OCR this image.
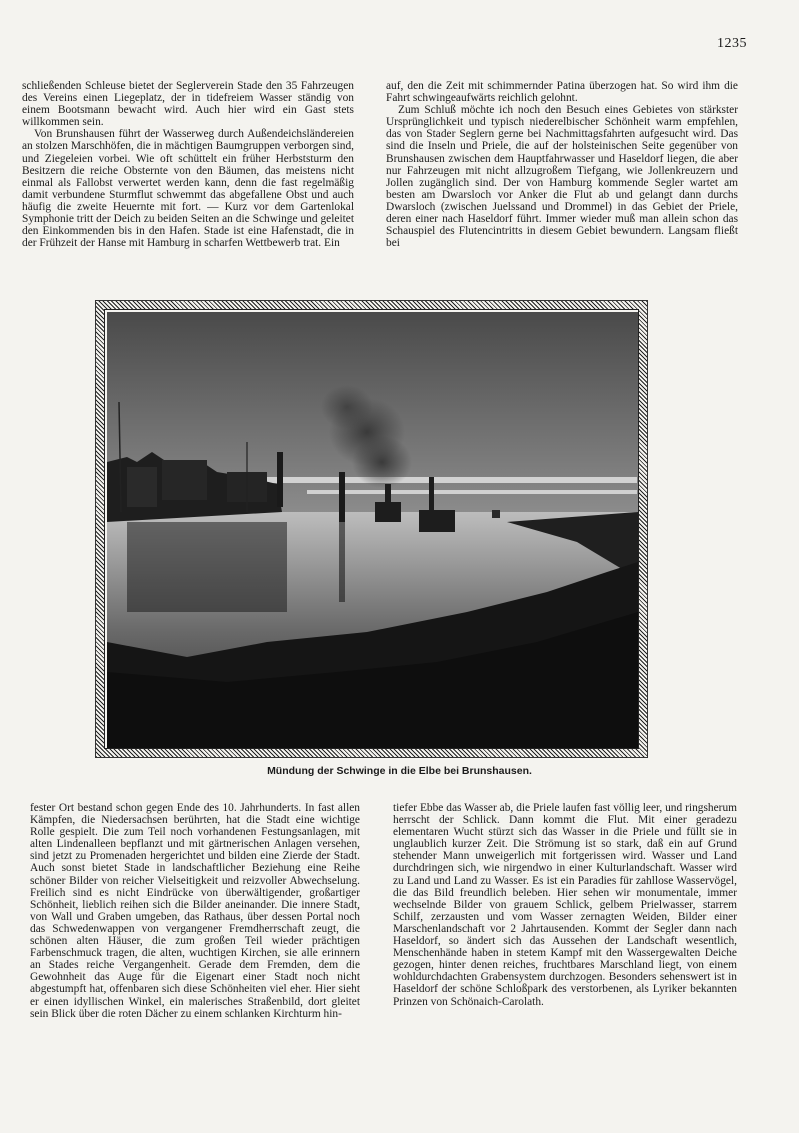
1235

schließenden Schleuse bietet der Seglerverein Stade den 35 Fahrzeugen des Vereins einen Liegeplatz, der in tidefreiem Wasser ständig von einem Bootsmann bewacht wird. Auch hier wird ein Gast stets willkommen sein.

Von Brunshausen führt der Wasserweg durch Außendeichsländereien an stolzen Marschhöfen, die in mächtigen Baumgruppen verborgen sind, und Ziegeleien vorbei. Wie oft schüttelt ein früher Herbststurm den Besitzern die reiche Obsternte von den Bäumen, das meistens nicht einmal als Fallobst verwertet werden kann, denn die fast regelmäßig damit verbundene Sturmflut schwemmt das abgefallene Obst und auch häufig die zweite Heuernte mit fort. — Kurz vor dem Gartenlokal Symphonie tritt der Deich zu beiden Seiten an die Schwinge und geleitet den Einkommenden bis in den Hafen. Stade ist eine Hafenstadt, die in der Frühzeit der Hanse mit Hamburg in scharfen Wettbewerb trat. Ein

auf, den die Zeit mit schimmernder Patina überzogen hat. So wird ihm die Fahrt schwingeaufwärts reichlich gelohnt.

Zum Schluß möchte ich noch den Besuch eines Gebietes von stärkster Ursprünglichkeit und typisch niederelbischer Schönheit warm empfehlen, das von Stader Seglern gerne bei Nachmittagsfahrten aufgesucht wird. Das sind die Inseln und Priele, die auf der holsteinischen Seite gegenüber von Brunshausen zwischen dem Hauptfahrwasser und Haseldorf liegen, die aber nur Fahrzeugen mit nicht allzugroßem Tiefgang, wie Jollenkreuzern und Jollen zugänglich sind. Der von Hamburg kommende Segler wartet am besten am Dwarsloch vor Anker die Flut ab und gelangt dann durchs Dwarsloch (zwischen Juelssand und Drommel) in das Gebiet der Priele, deren einer nach Haseldorf führt. Immer wieder muß man allein schon das Schauspiel des Flutencintritts in diesem Gebiet bewundern. Langsam fließt bei

Mündung der Schwinge in die Elbe bei Brunshausen.

fester Ort bestand schon gegen Ende des 10. Jahrhunderts. In fast allen Kämpfen, die Niedersachsen berührten, hat die Stadt eine wichtige Rolle gespielt. Die zum Teil noch vorhandenen Festungsanlagen, mit alten Lindenalleen bepflanzt und mit gärtnerischen Anlagen versehen, sind jetzt zu Promenaden hergerichtet und bilden eine Zierde der Stadt. Auch sonst bietet Stade in landschaftlicher Beziehung eine Reihe schöner Bilder von reicher Vielseitigkeit und reizvoller Abwechselung. Freilich sind es nicht Eindrücke von überwältigender, großartiger Schönheit, lieblich reihen sich die Bilder aneinander. Die innere Stadt, von Wall und Graben umgeben, das Rathaus, über dessen Portal noch das Schwedenwappen von vergangener Fremdherrschaft zeugt, die schönen alten Häuser, die zum großen Teil wieder prächtigen Farbenschmuck tragen, die alten, wuchtigen Kirchen, sie alle erinnern an Stades reiche Vergangenheit. Gerade dem Fremden, dem die Gewohnheit das Auge für die Eigenart einer Stadt noch nicht abgestumpft hat, offenbaren sich diese Schönheiten viel eher. Hier sieht er einen idyllischen Winkel, ein malerisches Straßenbild, dort gleitet sein Blick über die roten Dächer zu einem schlanken Kirchturm hin-

tiefer Ebbe das Wasser ab, die Priele laufen fast völlig leer, und ringsherum herrscht der Schlick. Dann kommt die Flut. Mit einer geradezu elementaren Wucht stürzt sich das Wasser in die Priele und füllt sie in unglaublich kurzer Zeit. Die Strömung ist so stark, daß ein auf Grund stehender Mann unweigerlich mit fortgerissen wird. Wasser und Land durchdringen sich, wie nirgendwo in einer Kulturlandschaft. Wasser wird zu Land und Land zu Wasser. Es ist ein Paradies für zahllose Wasservögel, die das Bild freundlich beleben. Hier sehen wir monumentale, immer wechselnde Bilder von grauem Schlick, gelbem Prielwasser, starrem Schilf, zerzausten und vom Wasser zernagten Weiden, Bilder einer Marschenlandschaft vor 2 Jahrtausenden. Kommt der Segler dann nach Haseldorf, so ändert sich das Aussehen der Landschaft wesentlich, Menschenhände haben in stetem Kampf mit den Wassergewalten Deiche gezogen, hinter denen reiches, fruchtbares Marschland liegt, von einem wohldurchdachten Grabensystem durchzogen. Besonders sehenswert ist in Haseldorf der schöne Schloßpark des verstorbenen, als Lyriker bekannten Prinzen von Schönaich-Carolath.
